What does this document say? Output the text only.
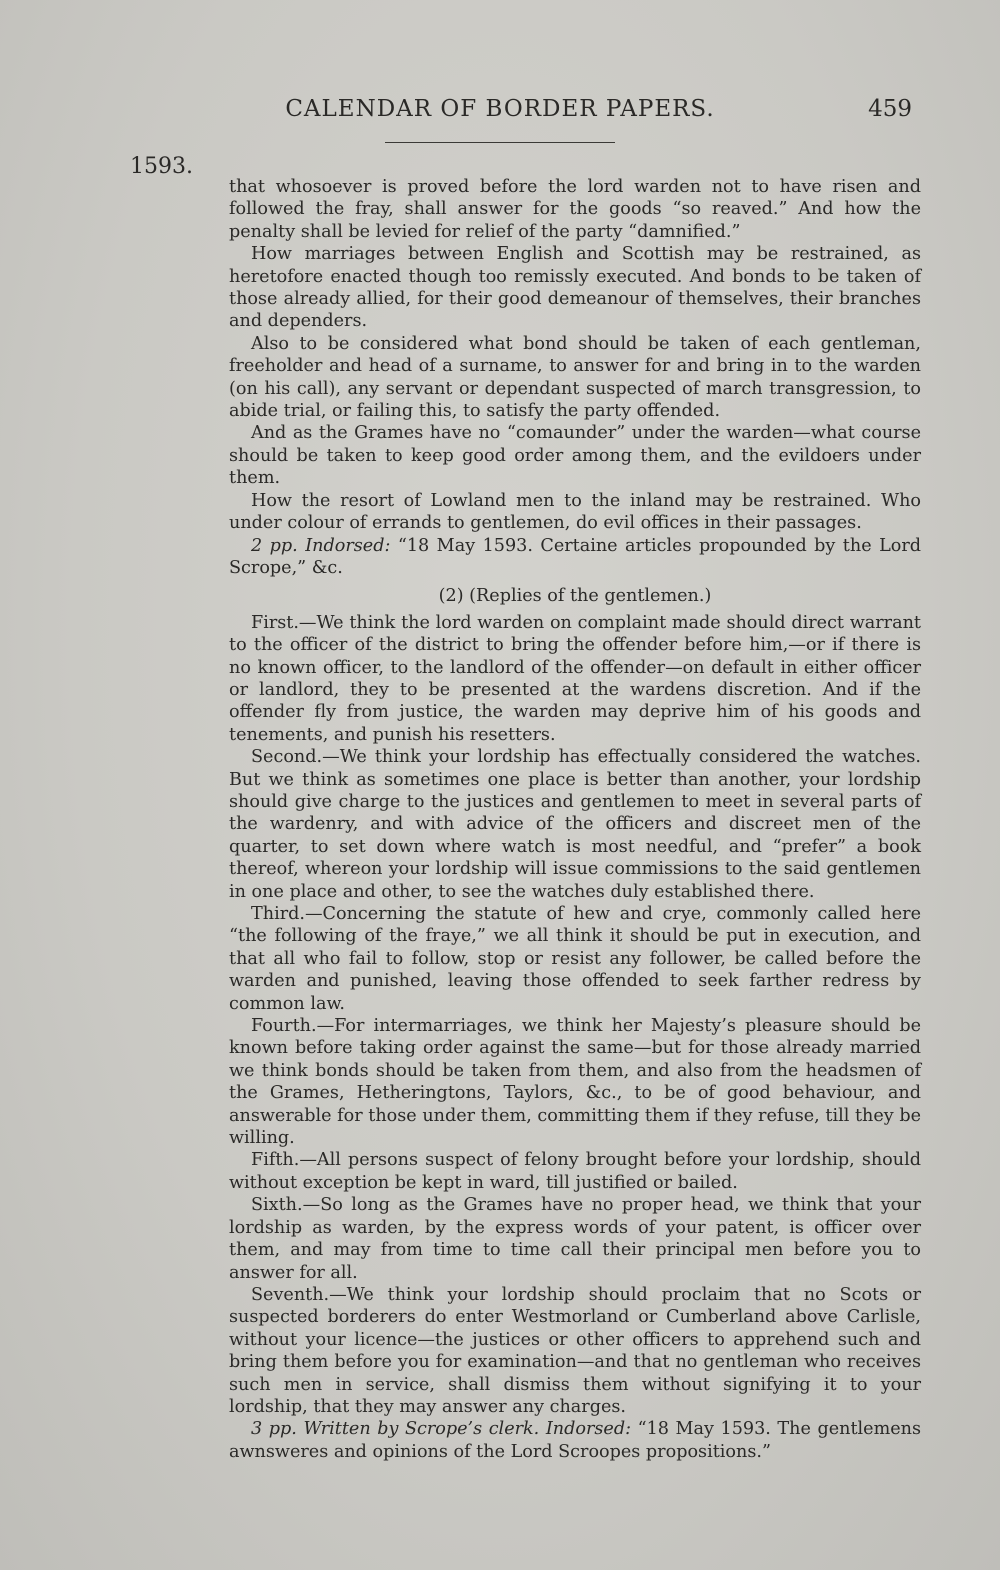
CALENDAR OF BORDER PAPERS.	459
1593.

that whosoever is proved before the lord warden not to have risen and followed the fray, shall answer for the goods “so reaved.” And how the penalty shall be levied for relief of the party “damnified.”

How marriages between English and Scottish may be restrained, as heretofore enacted though too remissly executed. And bonds to be taken of those already allied, for their good demeanour of themselves, their branches and dependers.

Also to be considered what bond should be taken of each gentleman, freeholder and head of a surname, to answer for and bring in to the warden (on his call), any servant or dependant suspected of march transgression, to abide trial, or failing this, to satisfy the party offended.

And as the Grames have no “comaunder” under the warden—what course should be taken to keep good order among them, and the evildoers under them.

How the resort of Lowland men to the inland may be restrained. Who under colour of errands to gentlemen, do evil offices in their passages.

2 pp. Indorsed: “18 May 1593. Certaine articles propounded by the Lord Scrope,” &c.

(2) (Replies of the gentlemen.)

First.—We think the lord warden on complaint made should direct warrant to the officer of the district to bring the offender before him,—or if there is no known officer, to the landlord of the offender—on default in either officer or landlord, they to be presented at the wardens discretion. And if the offender fly from justice, the warden may deprive him of his goods and tenements, and punish his resetters.

Second.—We think your lordship has effectually considered the watches. But we think as sometimes one place is better than another, your lordship should give charge to the justices and gentlemen to meet in several parts of the wardenry, and with advice of the officers and discreet men of the quarter, to set down where watch is most needful, and “prefer” a book thereof, whereon your lordship will issue commissions to the said gentlemen in one place and other, to see the watches duly established there.

Third.—Concerning the statute of hew and crye, commonly called here “the following of the fraye,” we all think it should be put in execution, and that all who fail to follow, stop or resist any follower, be called before the warden and punished, leaving those offended to seek farther redress by common law.

Fourth.—For intermarriages, we think her Majesty’s pleasure should be known before taking order against the same—but for those already married we think bonds should be taken from them, and also from the headsmen of the Grames, Hetheringtons, Taylors, &c., to be of good behaviour, and answerable for those under them, committing them if they refuse, till they be willing.

Fifth.—All persons suspect of felony brought before your lordship, should without exception be kept in ward, till justified or bailed.

Sixth.—So long as the Grames have no proper head, we think that your lordship as warden, by the express words of your patent, is officer over them, and may from time to time call their principal men before you to answer for all.

Seventh.—We think your lordship should proclaim that no Scots or suspected borderers do enter Westmorland or Cumberland above Carlisle, without your licence—the justices or other officers to apprehend such and bring them before you for examination—and that no gentleman who receives such men in service, shall dismiss them without signifying it to your lordship, that they may answer any charges.

3 pp. Written by Scrope’s clerk. Indorsed: “18 May 1593. The gentlemens awnsweres and opinions of the Lord Scroopes propositions.”
